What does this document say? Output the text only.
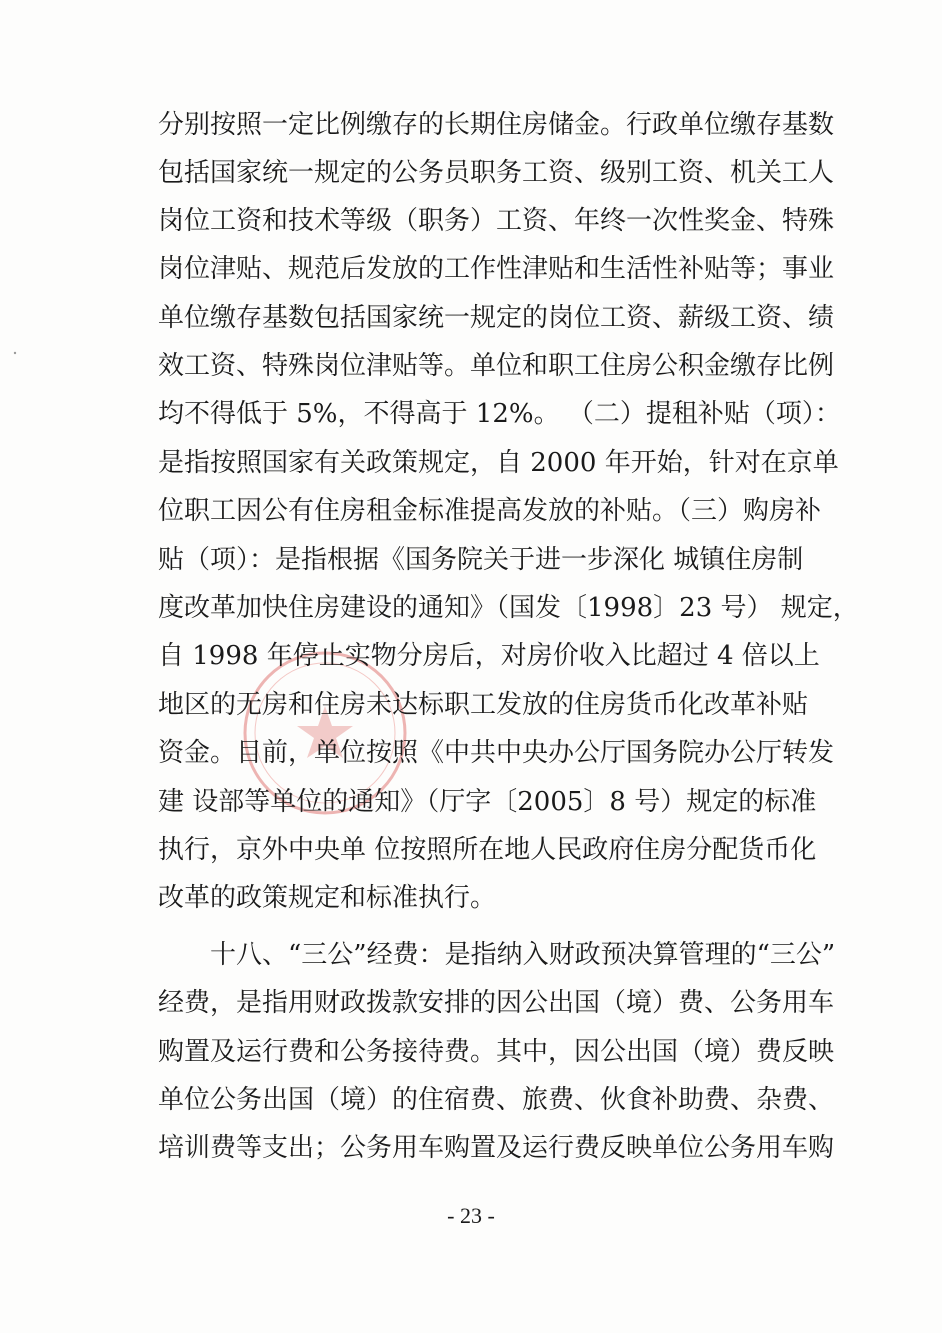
分别按照一定比例缴存的长期住房储金。行政单位缴存基数
包括国家统一规定的公务员职务工资、级别工资、机关工人
岗位工资和技术等级（职务）工资、年终一次性奖金、特殊
岗位津贴、规范后发放的工作性津贴和生活性补贴等；事业
单位缴存基数包括国家统一规定的岗位工资、薪级工资、绩
效工资、特殊岗位津贴等。单位和职工住房公积金缴存比例
均不得低于 5%，不得高于 12%。 （二）提租补贴（项）：
是指按照国家有关政策规定，自 2000 年开始，针对在京单
位职工因公有住房租金标准提高发放的补贴。（三）购房补
贴（项）：是指根据《国务院关于进一步深化 城镇住房制
度改革加快住房建设的通知》（国发〔1998〕23 号） 规定，
自 1998 年停止实物分房后，对房价收入比超过 4 倍以上
地区的无房和住房未达标职工发放的住房货币化改革补贴
资金。目前，单位按照《中共中央办公厅国务院办公厅转发
建 设部等单位的通知》（厅字〔2005〕8 号）规定的标准
执行，京外中央单 位按照所在地人民政府住房分配货币化
改革的政策规定和标准执行。
十八、“三公”经费：是指纳入财政预决算管理的“三公”
经费，是指用财政拨款安排的因公出国（境）费、公务用车
购置及运行费和公务接待费。其中，因公出国（境）费反映
单位公务出国（境）的住宿费、旅费、伙食补助费、杂费、
培训费等支出；公务用车购置及运行费反映单位公务用车购
- 23 -
